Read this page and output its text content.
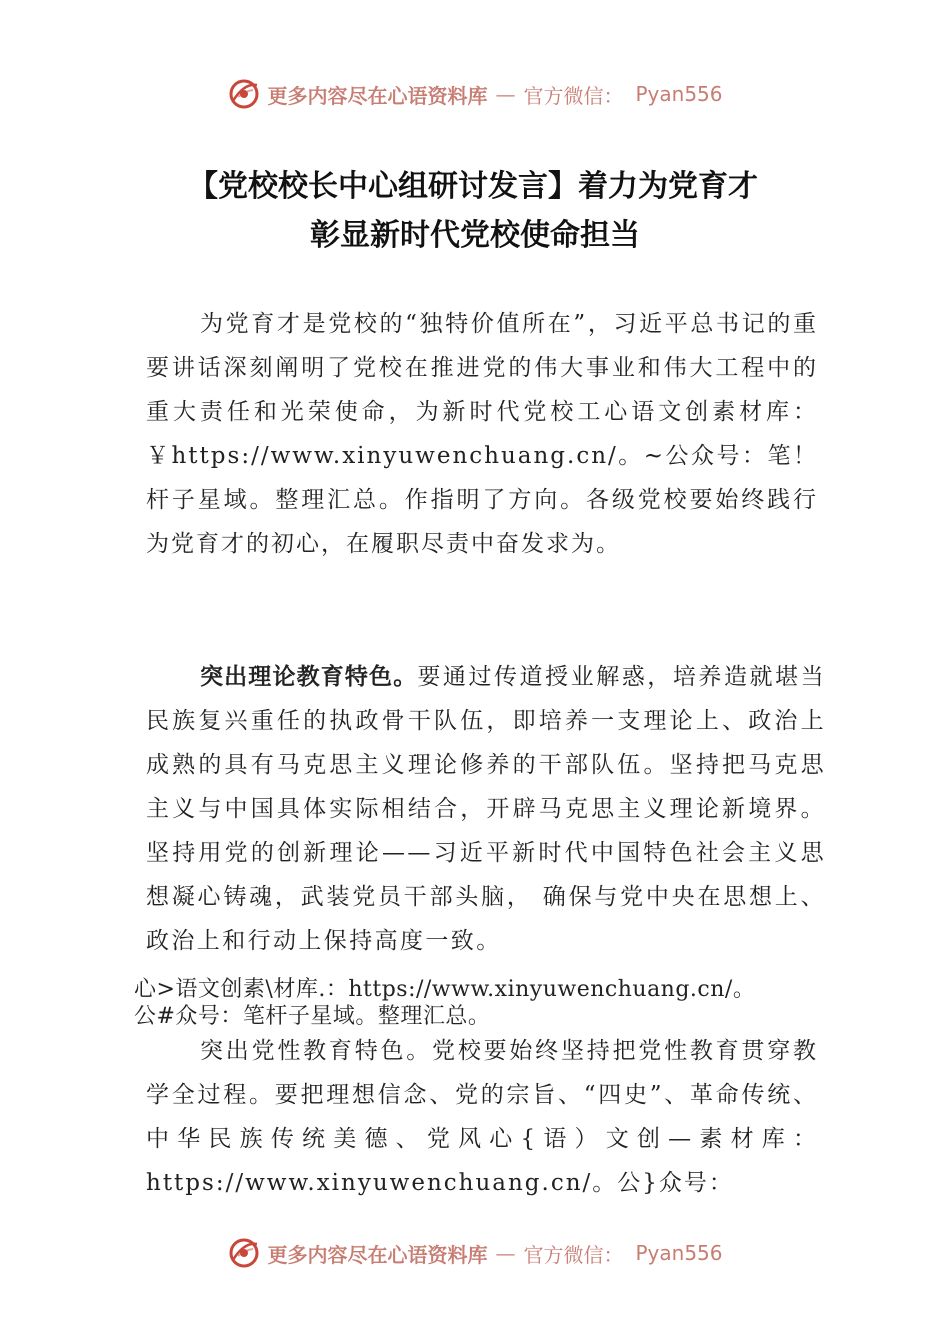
更多内容尽在心语资料库 — 官方微信： Pyan556
【党校校长中心组研讨发言】着力为党育才
彰显新时代党校使命担当

为党育才是党校的“独特价值所在”，习近平总书记的重要讲话深刻阐明了党校在推进党的伟大事业和伟大工程中的重大责任和光荣使命，为新时代党校工心语文创素材库：￥https://www.xinyuwenchuang.cn/。~公众号：笔！杆子星域。整理汇总。作指明了方向。各级党校要始终践行为党育才的初心，在履职尽责中奋发求为。

突出理论教育特色。要通过传道授业解惑，培养造就堪当民族复兴重任的执政骨干队伍，即培养一支理论上、政治上成熟的具有马克思主义理论修养的干部队伍。坚持把马克思主义与中国具体实际相结合，开辟马克思主义理论新境界。坚持用党的创新理论——习近平新时代中国特色社会主义思想凝心铸魂，武装党员干部头脑， 确保与党中央在思想上、政治上和行动上保持高度一致。

心>语文创素\材库.：https://www.xinyuwenchuang.cn/。
公#众号：笔杆子星域。整理汇总。

突出党性教育特色。党校要始终坚持把党性教育贯穿教学全过程。要把理想信念、党的宗旨、“四史”、革命传统、中华民族传统美德、党风心{语）文创—素材库：https://www.xinyuwenchuang.cn/。公}众号：

更多内容尽在心语资料库 — 官方微信： Pyan556
